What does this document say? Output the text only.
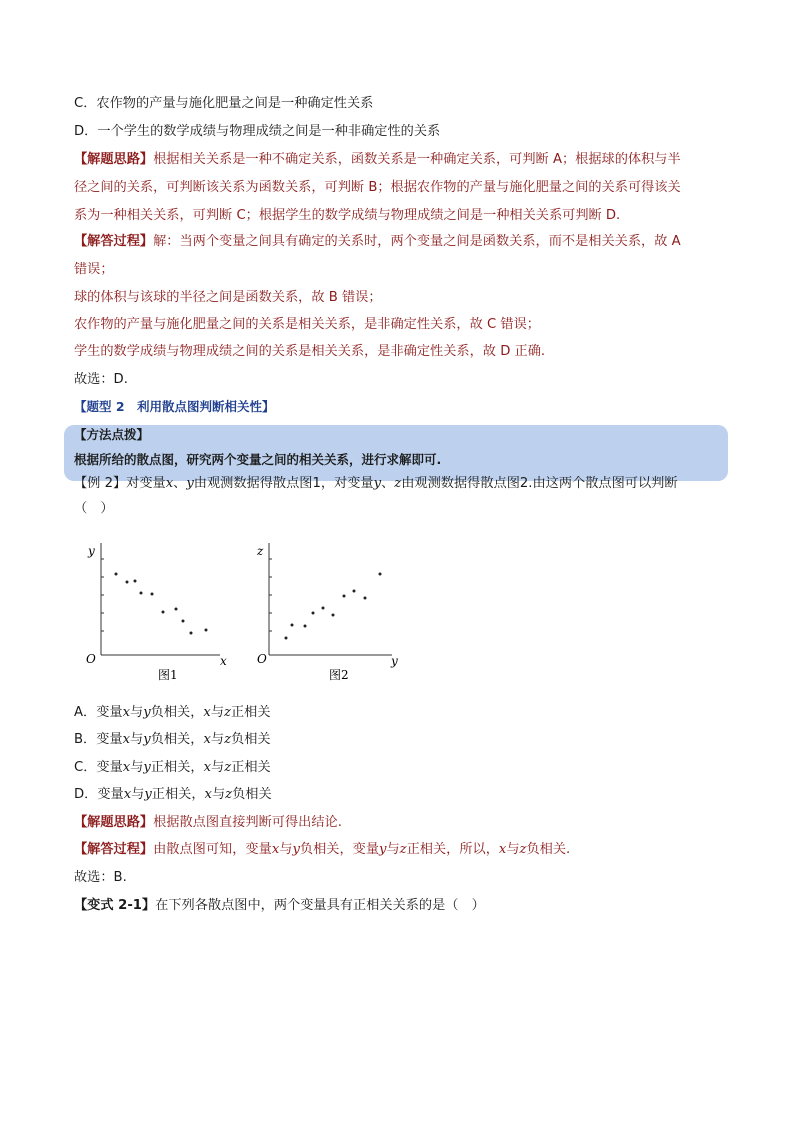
C．农作物的产量与施化肥量之间是一种确定性关系
D．一个学生的数学成绩与物理成绩之间是一种非确定性的关系
【解题思路】根据相关关系是一种不确定关系，函数关系是一种确定关系，可判断 A；根据球的体积与半
径之间的关系，可判断该关系为函数关系，可判断 B；根据农作物的产量与施化肥量之间的关系可得该关
系为一种相关关系，可判断 C；根据学生的数学成绩与物理成绩之间是一种相关关系可判断 D.
【解答过程】解：当两个变量之间具有确定的关系时，两个变量之间是函数关系，而不是相关关系，故 A
错误；
球的体积与该球的半径之间是函数关系，故 B 错误；
农作物的产量与施化肥量之间的关系是相关关系，是非确定性关系，故 C 错误；
学生的数学成绩与物理成绩之间的关系是相关关系，是非确定性关系，故 D 正确.
故选：D.
【题型 2　利用散点图判断相关性】
【方法点拨】
根据所给的散点图，研究两个变量之间的相关关系，进行求解即可.
【例 2】对变量x、y由观测数据得散点图1，对变量y、z由观测数据得散点图2.由这两个散点图可以判断
（　）
y
O	x
图1
z
O	y
图2
A．变量x与y负相关，x与z正相关
B．变量x与y负相关，x与z负相关
C．变量x与y正相关，x与z正相关
D．变量x与y正相关，x与z负相关
【解题思路】根据散点图直接判断可得出结论.
【解答过程】由散点图可知，变量x与y负相关，变量y与z正相关，所以，x与z负相关.
故选：B.
【变式 2-1】在下列各散点图中，两个变量具有正相关关系的是（　）
